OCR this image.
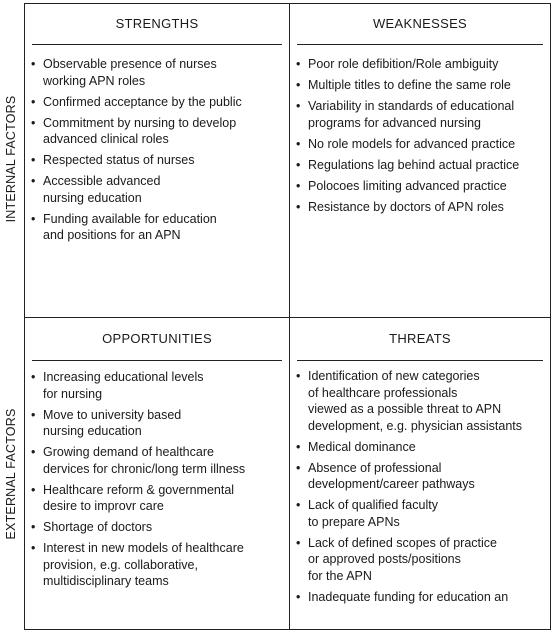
INTERNAL FACTORS
EXTERNAL FACTORS
STRENGTHS
• Observable presence of nurses
working APN roles
• Confirmed acceptance by the public
• Commitment by nursing to develop
advanced clinical roles
• Respected status of nurses
• Accessible advanced
nursing education
• Funding available for education
and positions for an APN
WEAKNESSES
• Poor role defibition/Role ambiguity
• Multiple titles to define the same role
• Variability in standards of educational
programs for advanced nursing
• No role models for advanced practice
• Regulations lag behind actual practice
• Polocoes limiting advanced practice
• Resistance by doctors of APN roles
OPPORTUNITIES
• Increasing educational levels
for nursing
• Move to university based
nursing education
• Growing demand of healthcare
dervices for chronic/long term illness
• Healthcare reform & governmental
desire to improvr care
• Shortage of doctors
• Interest in new models of healthcare
provision, e.g. collaborative,
multidisciplinary teams
THREATS
• Identification of new categories
of healthcare professionals
viewed as a possible threat to APN
development, e.g. physician assistants
• Medical dominance
• Absence of professional
development/career pathways
• Lack of qualified faculty
to prepare APNs
• Lack of defined scopes of practice
or approved posts/positions
for the APN
• Inadequate funding for education an
